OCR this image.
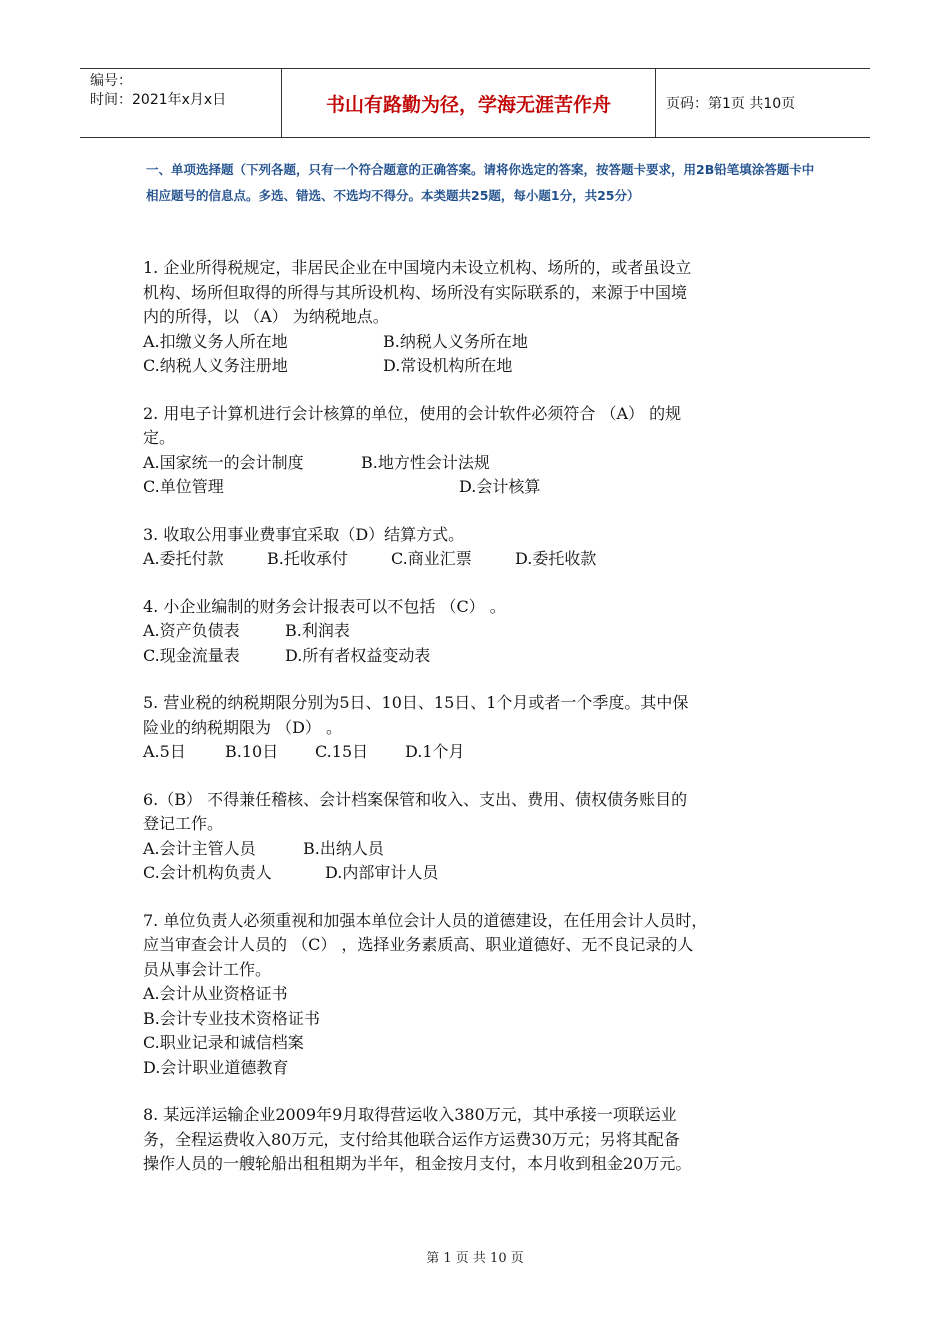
编号：
时间：2021年x月x日	书山有路勤为径，学海无涯苦作舟	页码：第1页 共10页
一、单项选择题（下列各题，只有一个符合题意的正确答案。请将你选定的答案，按答题卡要求，用2B铅笔填涂答题卡中相应题号的信息点。多选、错选、不选均不得分。本类题共25题，每小题1分，共25分）

1. 企业所得税规定，非居民企业在中国境内未设立机构、场所的，或者虽设立

机构、场所但取得的所得与其所设机构、场所没有实际联系的，来源于中国境

内的所得，以 （A） 为纳税地点。

A.扣缴义务人所在地	B.纳税人义务所在地
C.纳税人义务注册地	D.常设机构所在地

2. 用电子计算机进行会计核算的单位，使用的会计软件必须符合 （A） 的规

定。

A.国家统一的会计制度	B.地方性会计法规
C.单位管理	D.会计核算

3. 收取公用事业费事宜采取（D）结算方式。

A.委托付款	B.托收承付	C.商业汇票	D.委托收款

4. 小企业编制的财务会计报表可以不包括 （C） 。

A.资产负债表	B.利润表
C.现金流量表	D.所有者权益变动表

5. 营业税的纳税期限分别为5日、10日、15日、1个月或者一个季度。其中保

险业的纳税期限为 （D） 。

A.5日	B.10日	C.15日	D.1个月

6.（B） 不得兼任稽核、会计档案保管和收入、支出、费用、债权债务账目的

登记工作。

A.会计主管人员	B.出纳人员
C.会计机构负责人	D.内部审计人员

7. 单位负责人必须重视和加强本单位会计人员的道德建设，在任用会计人员时，

应当审查会计人员的 （C） ，选择业务素质高、职业道德好、无不良记录的人

员从事会计工作。

A.会计从业资格证书

B.会计专业技术资格证书

C.职业记录和诚信档案

D.会计职业道德教育

8. 某远洋运输企业2009年9月取得营运收入380万元，其中承接一项联运业

务，全程运费收入80万元，支付给其他联合运作方运费30万元；另将其配备

操作人员的一艘轮船出租租期为半年，租金按月支付，本月收到租金20万元。

第 1 页 共 10 页
